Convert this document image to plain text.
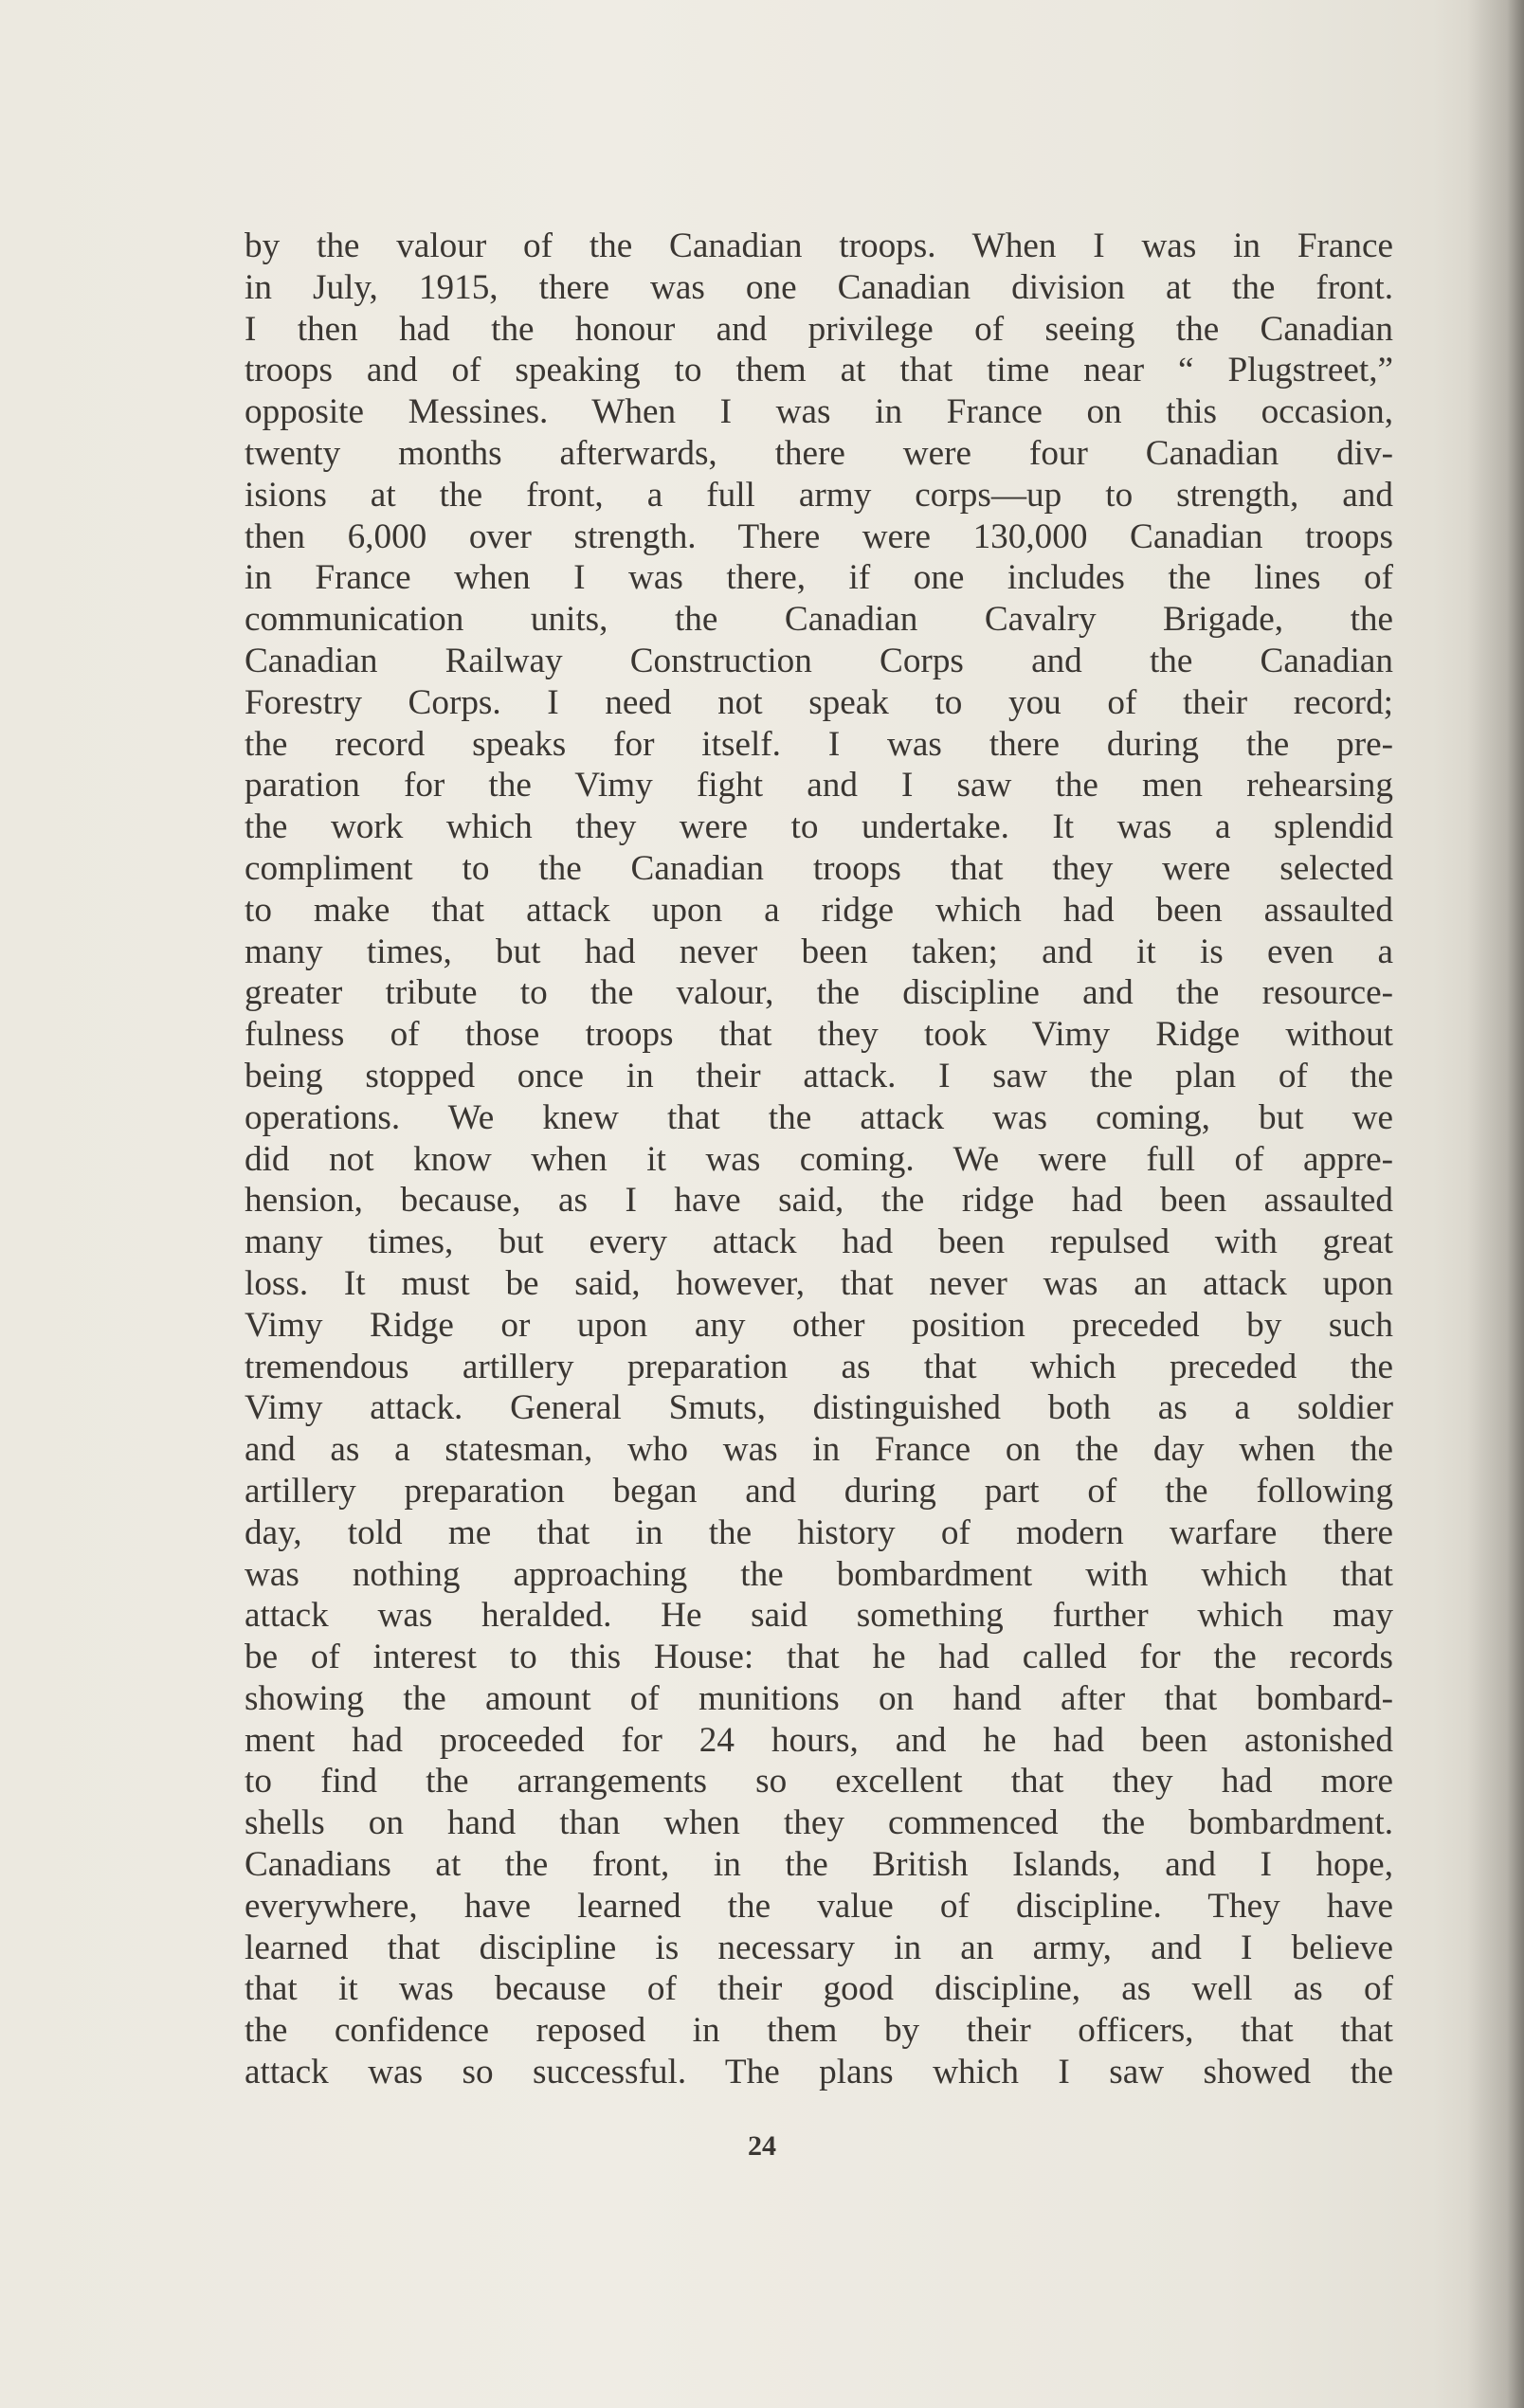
by the valour of the Canadian troops. When I was in France
in July, 1915, there was one Canadian division at the front.
I then had the honour and privilege of seeing the Canadian
troops and of speaking to them at that time near “ Plugstreet,”
opposite Messines. When I was in France on this occasion,
twenty months afterwards, there were four Canadian div-
isions at the front, a full army corps—up to strength, and
then 6,000 over strength. There were 130,000 Canadian troops
in France when I was there, if one includes the lines of
communication units, the Canadian Cavalry Brigade, the
Canadian Railway Construction Corps and the Canadian
Forestry Corps. I need not speak to you of their record;
the record speaks for itself. I was there during the pre-
paration for the Vimy fight and I saw the men rehearsing
the work which they were to undertake. It was a splendid
compliment to the Canadian troops that they were selected
to make that attack upon a ridge which had been assaulted
many times, but had never been taken; and it is even a
greater tribute to the valour, the discipline and the resource-
fulness of those troops that they took Vimy Ridge without
being stopped once in their attack. I saw the plan of the
operations. We knew that the attack was coming, but we
did not know when it was coming. We were full of appre-
hension, because, as I have said, the ridge had been assaulted
many times, but every attack had been repulsed with great
loss. It must be said, however, that never was an attack upon
Vimy Ridge or upon any other position preceded by such
tremendous artillery preparation as that which preceded the
Vimy attack. General Smuts, distinguished both as a soldier
and as a statesman, who was in France on the day when the
artillery preparation began and during part of the following
day, told me that in the history of modern warfare there
was nothing approaching the bombardment with which that
attack was heralded. He said something further which may
be of interest to this House: that he had called for the records
showing the amount of munitions on hand after that bombard-
ment had proceeded for 24 hours, and he had been astonished
to find the arrangements so excellent that they had more
shells on hand than when they commenced the bombardment.
Canadians at the front, in the British Islands, and I hope,
everywhere, have learned the value of discipline. They have
learned that discipline is necessary in an army, and I believe
that it was because of their good discipline, as well as of
the confidence reposed in them by their officers, that that
attack was so successful. The plans which I saw showed the
24
